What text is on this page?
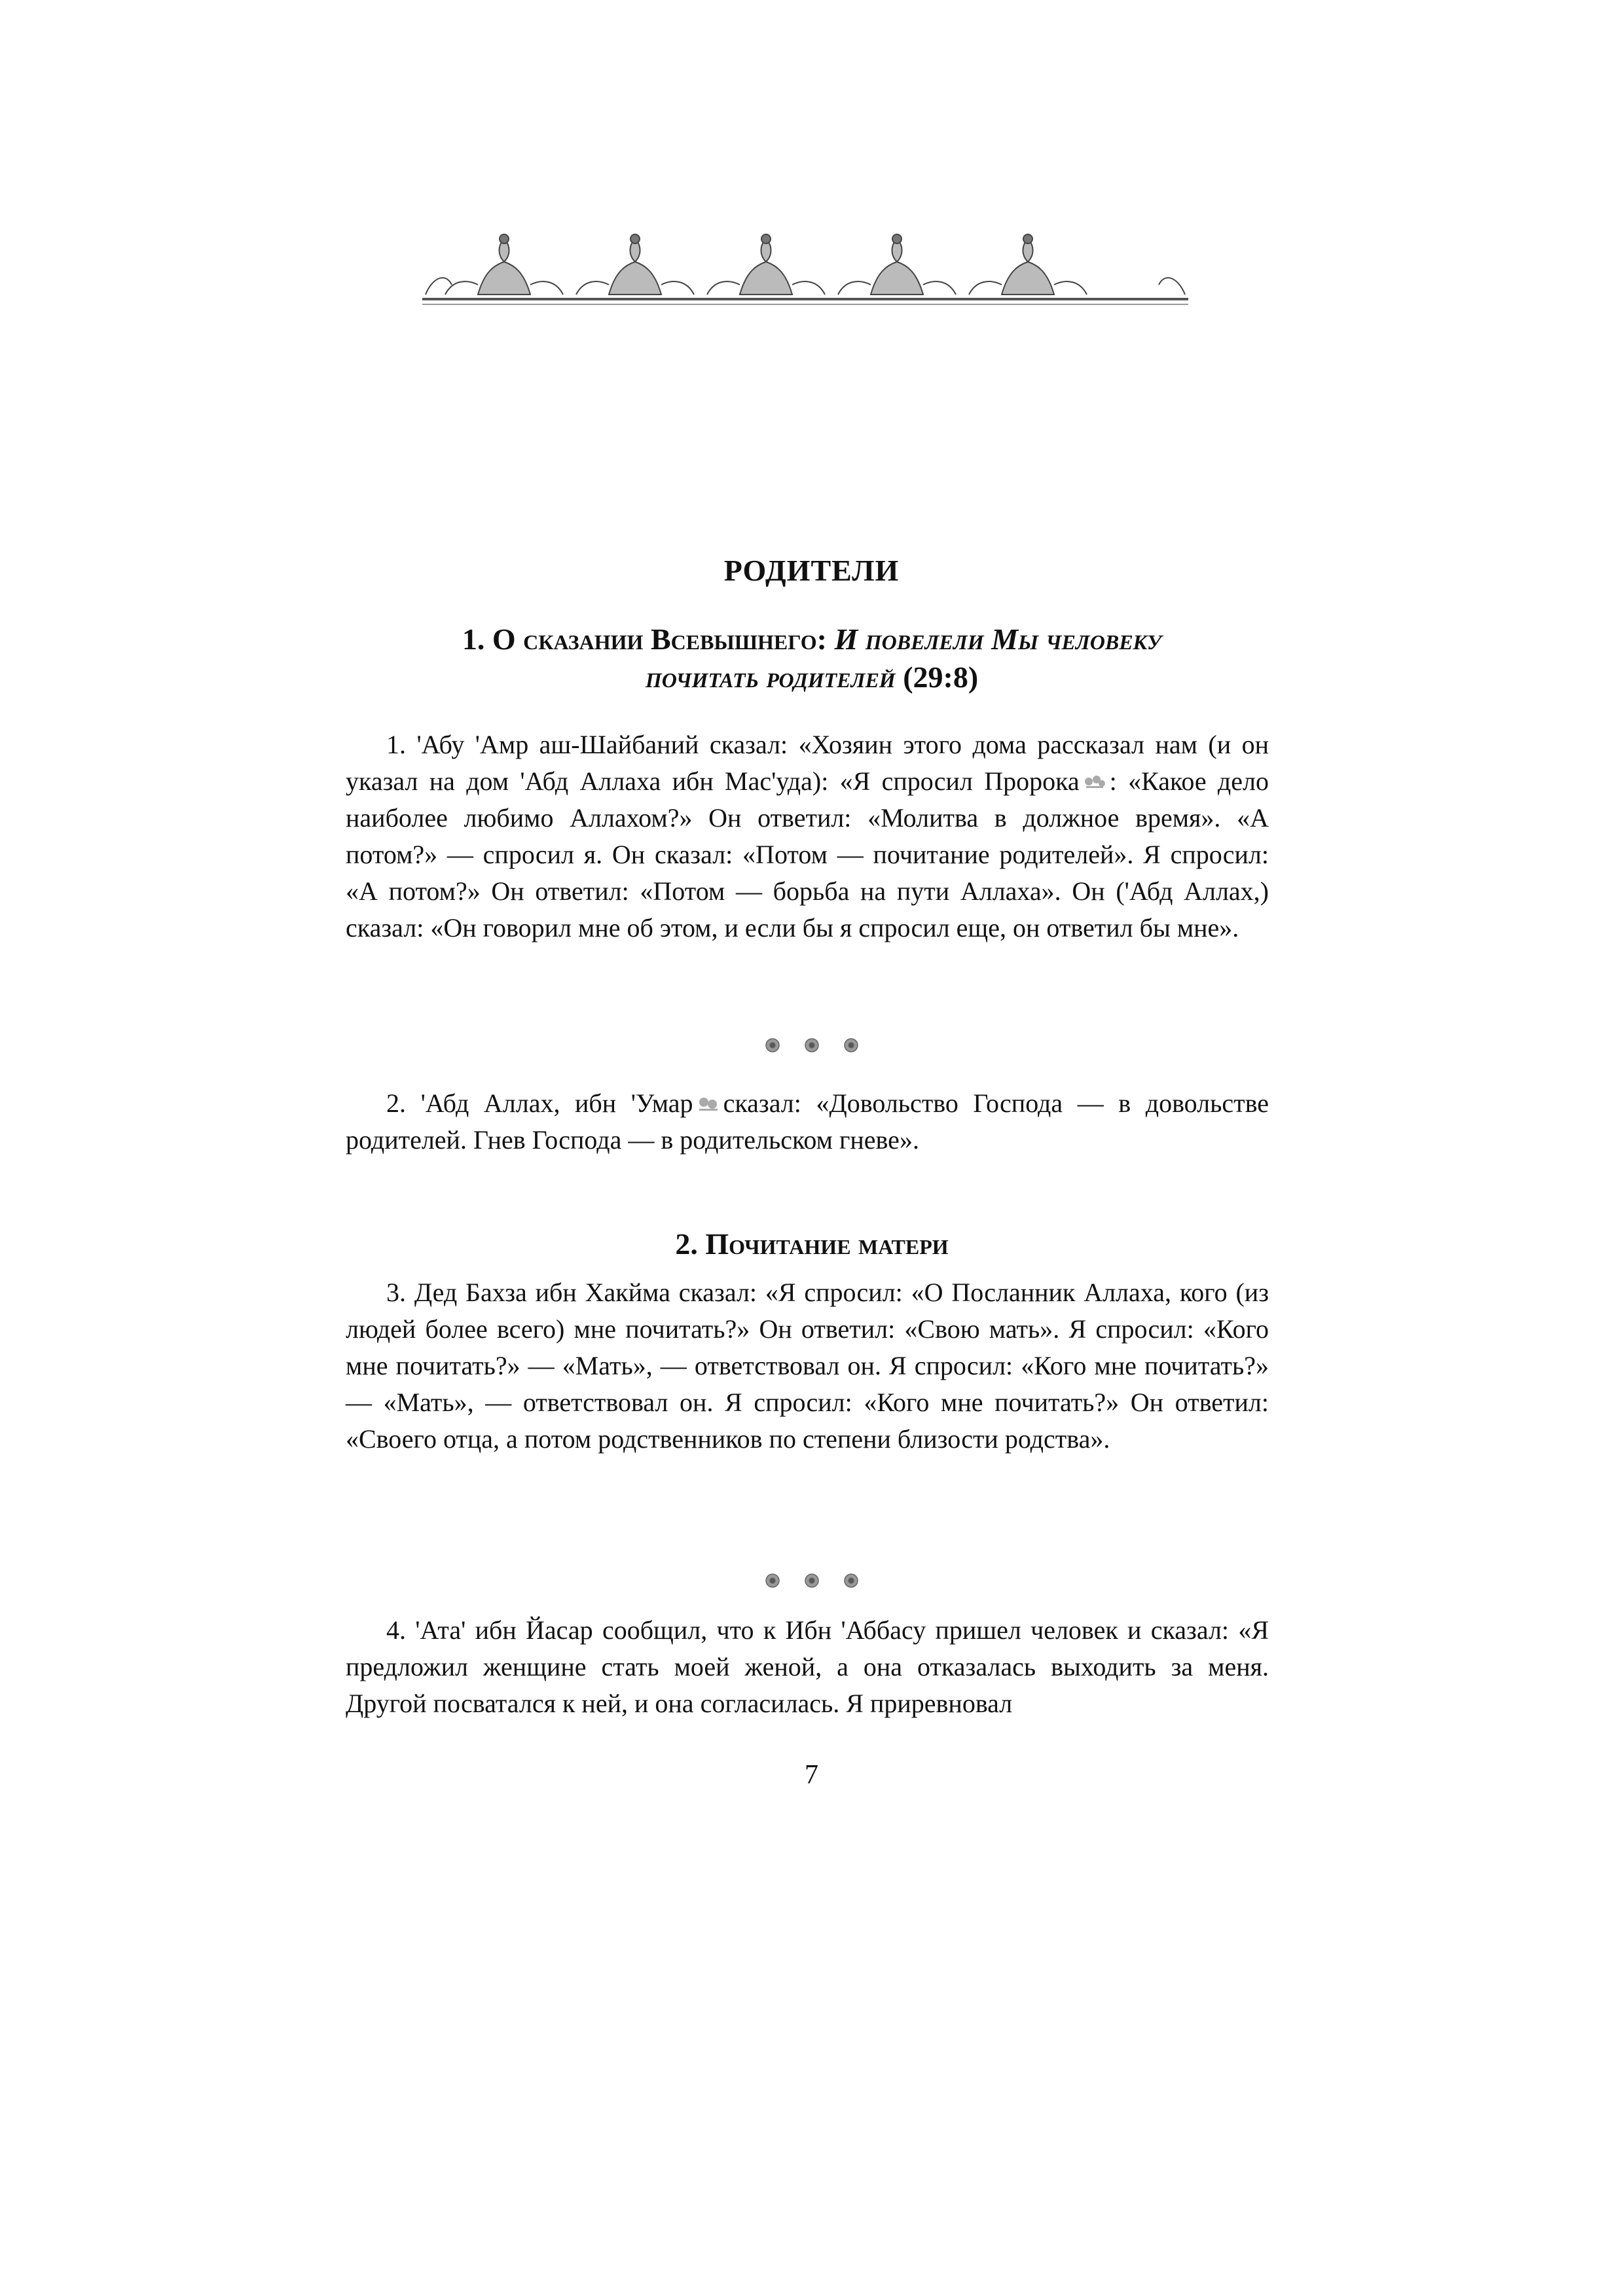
РОДИТЕЛИ
1. О сказании Всевышнего: И повелели Мы человеку
почитать родителей (29:8)

1. 'Абу 'Амр аш-Шайбаний сказал: «Хозяин этого дома рассказал нам (и он указал на дом 'Абд Аллаха ибн Мас'уда): «Я спросил Пророка : «Какое дело наиболее любимо Аллахом?» Он ответил: «Молитва в должное время». «А потом?» — спросил я. Он сказал: «Потом — почитание родителей». Я спросил: «А потом?» Он ответил: «Потом — борьба на пути Аллаха». Он ('Абд Аллах,) сказал: «Он говорил мне об этом, и если бы я спросил еще, он ответил бы мне».

2. 'Абд Аллах, ибн 'Умар сказал: «Довольство Господа — в довольстве родителей. Гнев Господа — в родительском гневе».

2. Почитание матери

3. Дед Бахза ибн Хакйма сказал: «Я спросил: «О Посланник Аллаха, кого (из людей более всего) мне почитать?» Он ответил: «Свою мать». Я спросил: «Кого мне почитать?» — «Мать», — ответствовал он. Я спросил: «Кого мне почитать?» — «Мать», — ответствовал он. Я спросил: «Кого мне почитать?» Он ответил: «Своего отца, а потом родственников по степени близости родства».

4. 'Ата' ибн Йасар сообщил, что к Ибн 'Аббасу пришел человек и сказал: «Я предложил женщине стать моей женой, а она отказалась выходить за меня. Другой посватался к ней, и она согласилась. Я приревновал

7
